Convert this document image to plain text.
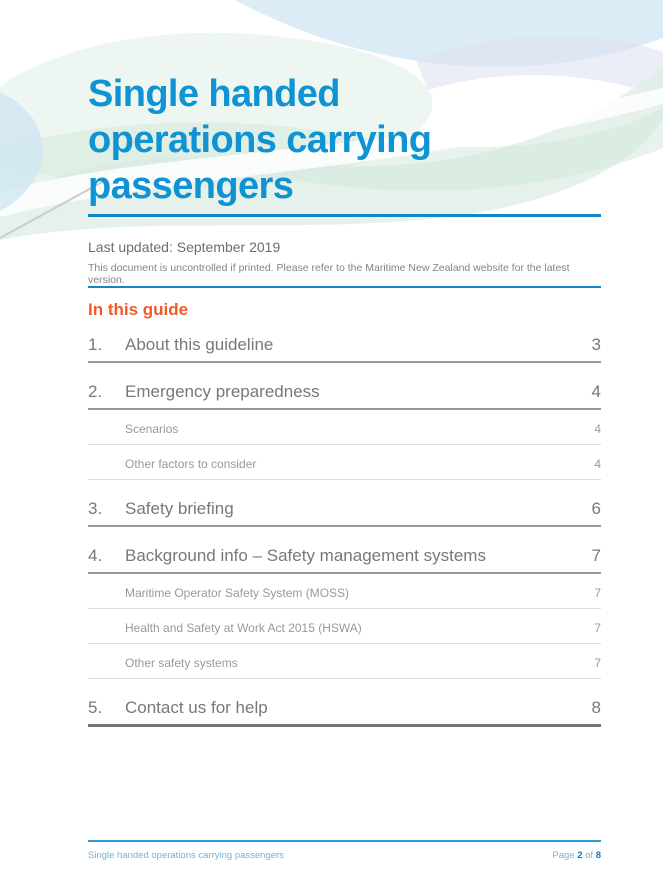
Single handed
operations carrying
passengers
Last updated: September 2019
This document is uncontrolled if printed. Please refer to the Maritime New Zealand website for the latest version.
In this guide
1.	About this guideline	3
2.	Emergency preparedness	4
Scenarios	4
Other factors to consider	4
3.	Safety briefing	6
4.	Background info – Safety management systems	7
Maritime Operator Safety System (MOSS)	7
Health and Safety at Work Act 2015 (HSWA)	7
Other safety systems	7
5.	Contact us for help	8
Single handed operations carrying passengers	Page 2 of 8
